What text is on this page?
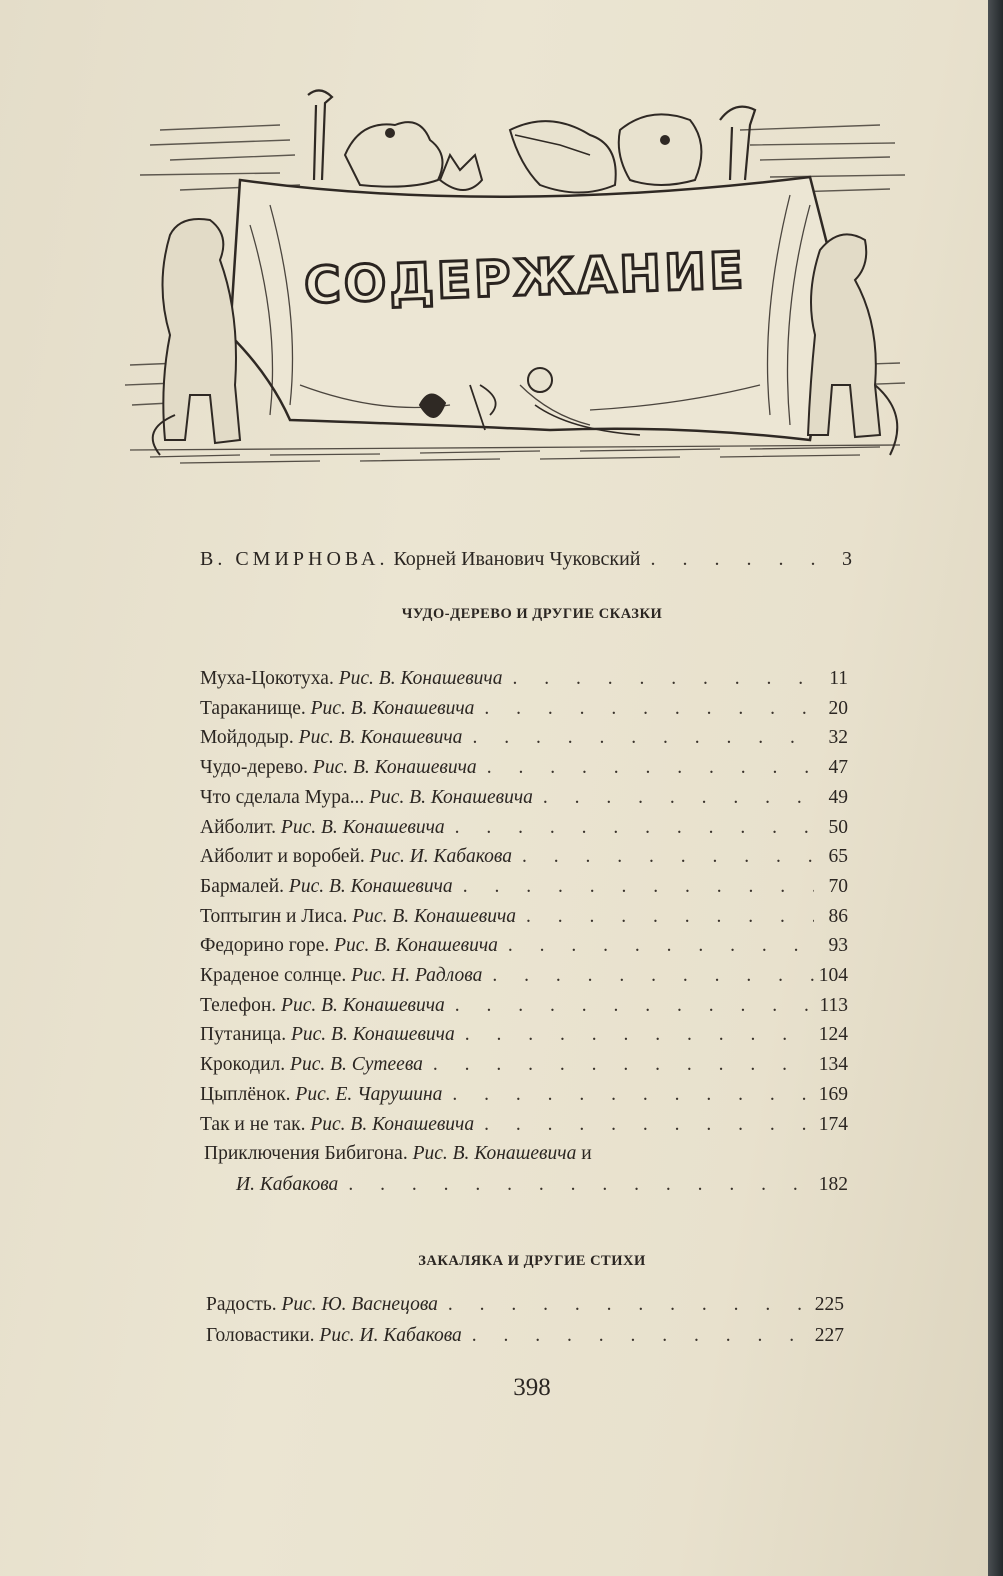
СОДЕРЖАНИЕ
В. СМИРНОВА. Корней Иванович Чуковский . . .	3
ЧУДО-ДЕРЕВО И ДРУГИЕ СКАЗКИ
Муха-Цокотуха. Рис. В. Конашевича . . .	11
Тараканище. Рис. В. Конашевича . . .	20
Мойдодыр. Рис. В. Конашевича . . .	32
Чудо-дерево. Рис. В. Конашевича . . .	47
Что сделала Мура... Рис. В. Конашевича . . .	49
Айболит. Рис. В. Конашевича . . .	50
Айболит и воробей. Рис. И. Кабакова . . .	65
Бармалей. Рис. В. Конашевича . . .	70
Топтыгин и Лиса. Рис. В. Конашевича . . .	86
Федорино горе. Рис. В. Конашевича . . .	93
Краденое солнце. Рис. Н. Радлова . . .	104
Телефон. Рис. В. Конашевича . . .	113
Путаница. Рис. В. Конашевича . . .	124
Крокодил. Рис. В. Сутеева . . .	134
Цыплёнок. Рис. Е. Чарушина . . .	169
Так и не так. Рис. В. Конашевича . . .	174
Приключения Бибигона. Рис. В. Конашевича и
И. Кабакова . . .	182
ЗАКАЛЯКА И ДРУГИЕ СТИХИ
Радость. Рис. Ю. Васнецова . . .	225
Головастики. Рис. И. Кабакова . . .	227
398
